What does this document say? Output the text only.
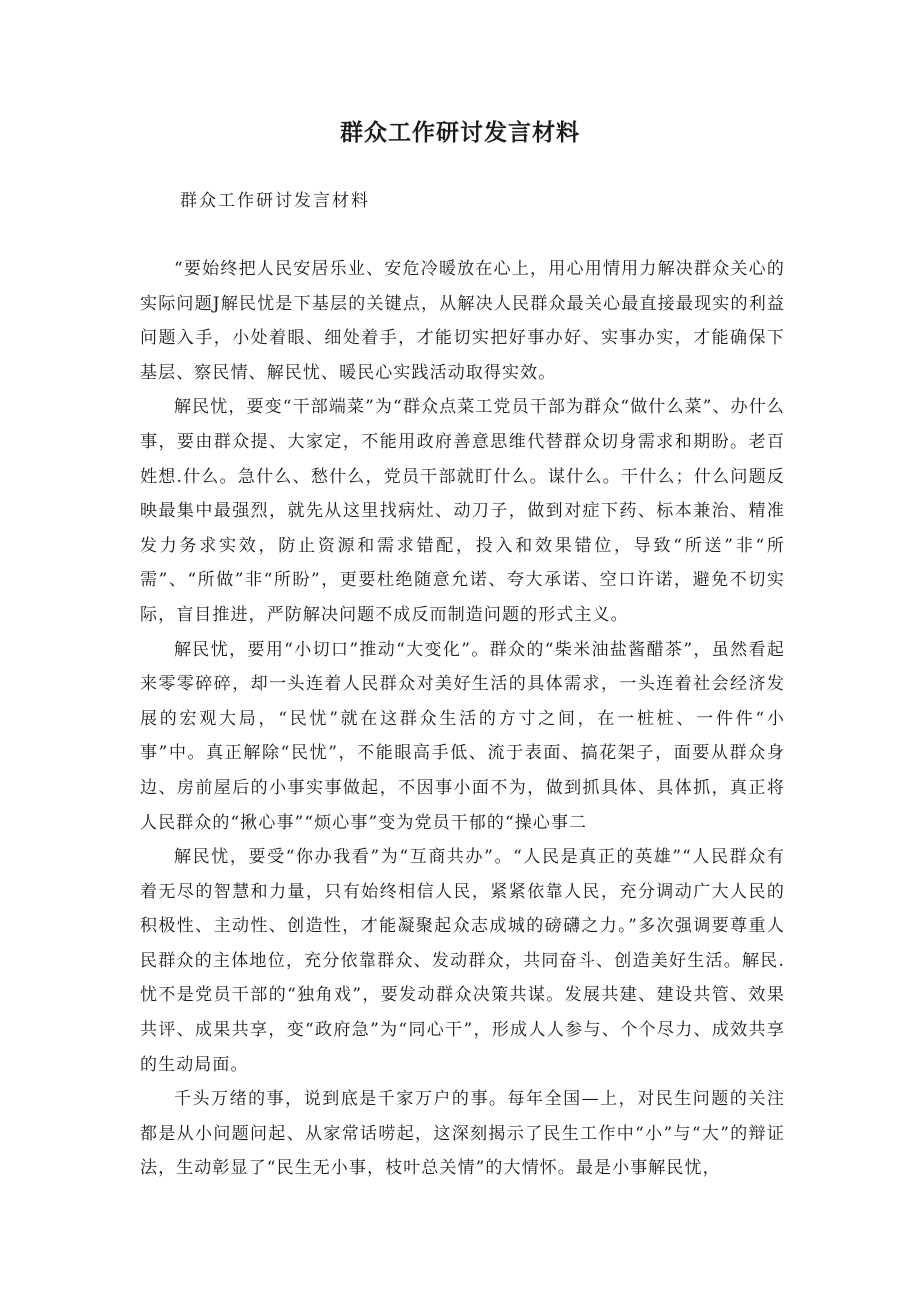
群众工作研讨发言材料
群众工作研讨发言材料

“要始终把人民安居乐业、安危冷暖放在心上，用心用情用力解决群众关心的实际问题J解民忧是下基层的关键点，从解决人民群众最关心最直接最现实的利益问题入手，小处着眼、细处着手，才能切实把好事办好、实事办实，才能确保下基层、察民情、解民忧、暖民心实践活动取得实效。

解民忧，要变“干部端菜”为“群众点菜工党员干部为群众“做什么菜”、办什么事，要由群众提、大家定，不能用政府善意思维代替群众切身需求和期盼。老百姓想.什么。急什么、愁什么，党员干部就盯什么。谋什么。干什么；什么问题反映最集中最强烈，就先从这里找病灶、动刀子，做到对症下药、标本兼治、精准发力务求实效，防止资源和需求错配，投入和效果错位，导致“所送”非“所需”、“所做”非“所盼”，更要杜绝随意允诺、夸大承诺、空口许诺，避免不切实际，盲目推进，严防解决问题不成反而制造问题的形式主义。

解民忧，要用“小切口”推动“大变化”。群众的“柴米油盐酱醋茶”，虽然看起来零零碎碎，却一头连着人民群众对美好生活的具体需求，一头连着社会经济发展的宏观大局，“民忧”就在这群众生活的方寸之间，在一桩桩、一件件“小事”中。真正解除“民忧”，不能眼高手低、流于表面、搞花架子，面要从群众身边、房前屋后的小事实事做起，不因事小面不为，做到抓具体、具体抓，真正将人民群众的“揪心事”“烦心事”变为党员干郁的“操心事二

解民忧，要受“你办我看”为“互商共办”。“人民是真正的英雄”“人民群众有着无尽的智慧和力量，只有始终相信人民，紧紧依靠人民，充分调动广大人民的积极性、主动性、创造性，才能凝聚起众志成城的磅礴之力。”多次强调要尊重人民群众的主体地位，充分依靠群众、发动群众，共同奋斗、创造美好生活。解民.忧不是党员干部的“独角戏”，要发动群众决策共谋。发展共建、建设共管、效果共评、成果共享，变“政府急”为“同心干”，形成人人参与、个个尽力、成效共享的生动局面。

千头万绪的事，说到底是千家万户的事。每年全国—上，对民生问题的关注都是从小问题问起、从家常话唠起，这深刻揭示了民生工作中“小”与“大”的辩证法，生动彰显了“民生无小事，枝叶总关情”的大情怀。最是小事解民忧，
